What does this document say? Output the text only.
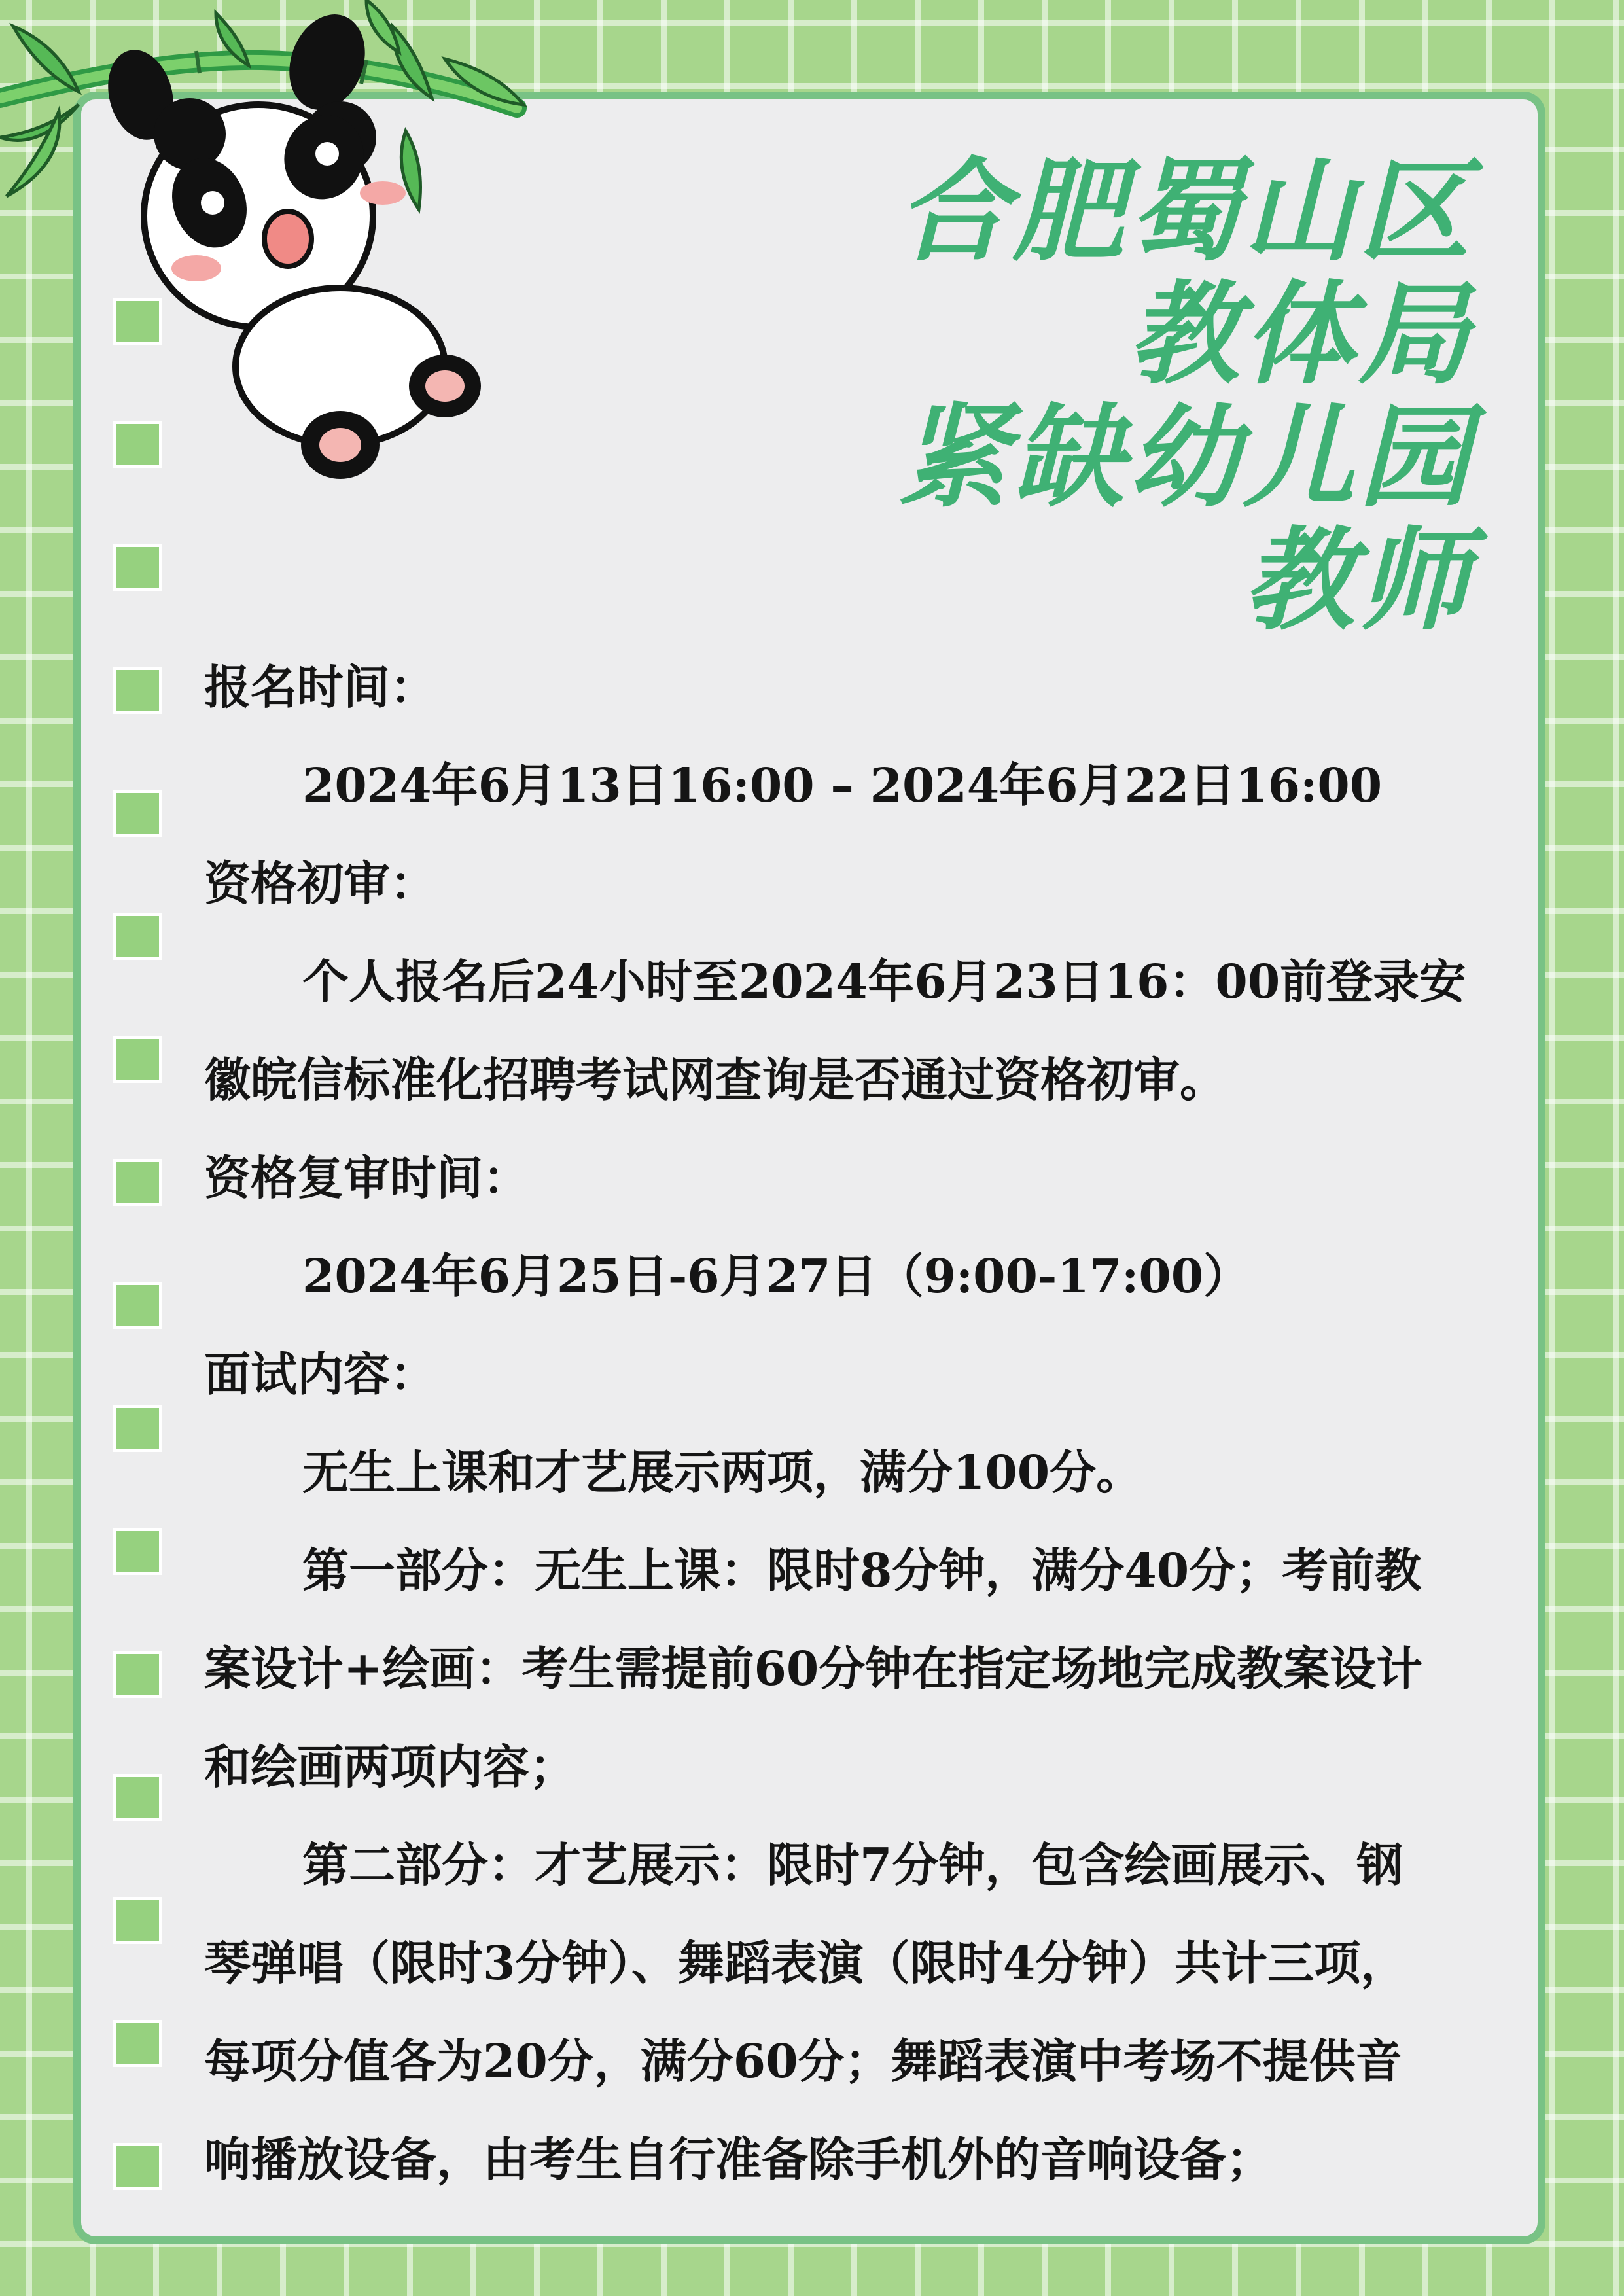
合肥蜀山区
教体局
紧缺幼儿园
教师

报名时间：

2024年6月13日16:00 – 2024年6月22日16:00

资格初审：

个人报名后24小时至2024年6月23日16：00前登录安

徽皖信标准化招聘考试网查询是否通过资格初审。

资格复审时间：

2024年6月25日-6月27日（9:00-17:00）

面试内容：

无生上课和才艺展示两项，满分100分。

第一部分：无生上课：限时8分钟，满分40分；考前教

案设计+绘画：考生需提前60分钟在指定场地完成教案设计

和绘画两项内容；

第二部分：才艺展示：限时7分钟，包含绘画展示、钢

琴弹唱（限时3分钟）、舞蹈表演（限时4分钟）共计三项，

每项分值各为20分，满分60分；舞蹈表演中考场不提供音

响播放设备，由考生自行准备除手机外的音响设备；
